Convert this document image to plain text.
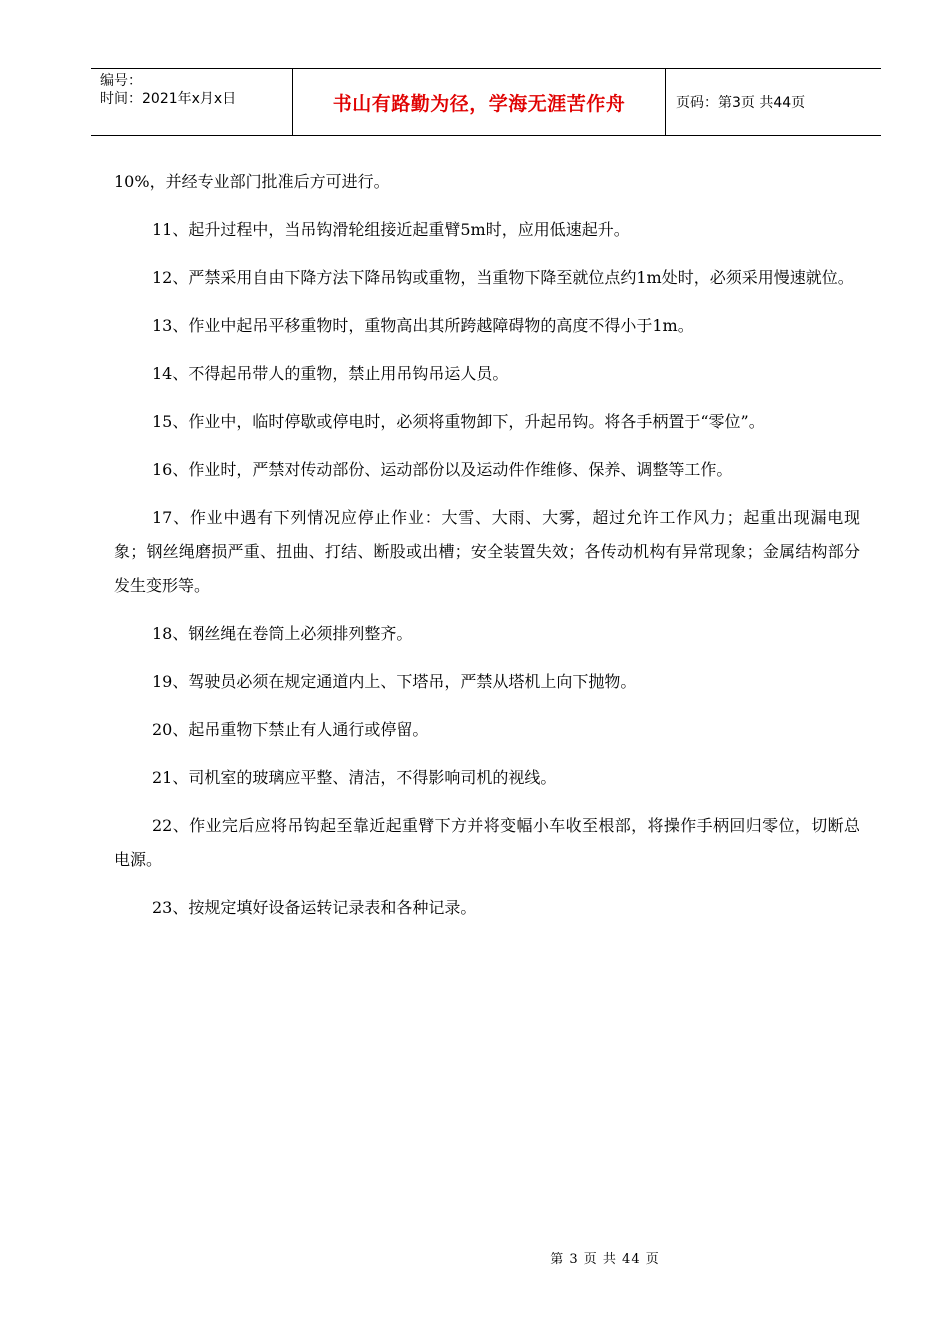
编号：
时间：2021年x月x日	书山有路勤为径，学海无涯苦作舟	页码：第3页 共44页

10%，并经专业部门批准后方可进行。

11、起升过程中，当吊钩滑轮组接近起重臂5m时，应用低速起升。

12、严禁采用自由下降方法下降吊钩或重物，当重物下降至就位点约1m处时，必须采用慢速就位。

13、作业中起吊平移重物时，重物高出其所跨越障碍物的高度不得小于1m。

14、不得起吊带人的重物，禁止用吊钩吊运人员。

15、作业中，临时停歇或停电时，必须将重物卸下，升起吊钩。将各手柄置于“零位”。

16、作业时，严禁对传动部份、运动部份以及运动件作维修、保养、调整等工作。

17、作业中遇有下列情况应停止作业：大雪、大雨、大雾，超过允许工作风力；起重出现漏电现象；钢丝绳磨损严重、扭曲、打结、断股或出槽；安全装置失效；各传动机构有异常现象；金属结构部分发生变形等。

18、钢丝绳在卷筒上必须排列整齐。

19、驾驶员必须在规定通道内上、下塔吊，严禁从塔机上向下抛物。

20、起吊重物下禁止有人通行或停留。

21、司机室的玻璃应平整、清洁，不得影响司机的视线。

22、作业完后应将吊钩起至靠近起重臂下方并将变幅小车收至根部，将操作手柄回归零位，切断总电源。

23、按规定填好设备运转记录表和各种记录。

第 3 页 共 44 页
